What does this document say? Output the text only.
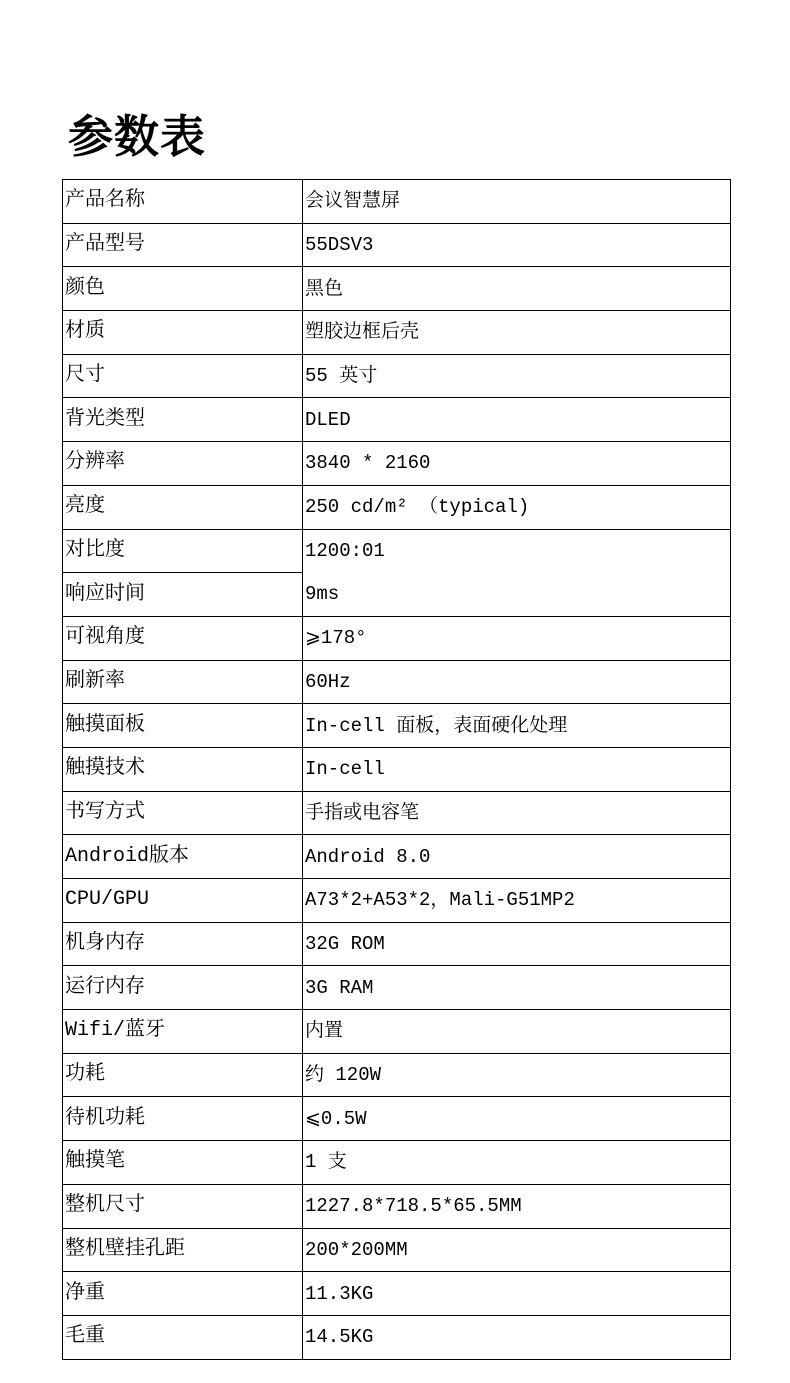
参数表
产品名称	会议智慧屏
产品型号	55DSV3
颜色	黑色
材质	塑胶边框后壳
尺寸	55 英寸
背光类型	DLED
分辨率	3840 * 2160
亮度	250 cd/m² （typical)
对比度	1200:01
响应时间	9ms
可视角度	⩾178°
刷新率	60Hz
触摸面板	In-cell 面板，表面硬化处理
触摸技术	In-cell
书写方式	手指或电容笔
Android版本	Android 8.0
CPU/GPU	A73*2+A53*2，Mali-G51MP2
机身内存	32G ROM
运行内存	3G RAM
Wifi/蓝牙	内置
功耗	约 120W
待机功耗	⩽0.5W
触摸笔	1 支
整机尺寸	1227.8*718.5*65.5MM
整机壁挂孔距	200*200MM
净重	11.3KG
毛重	14.5KG
